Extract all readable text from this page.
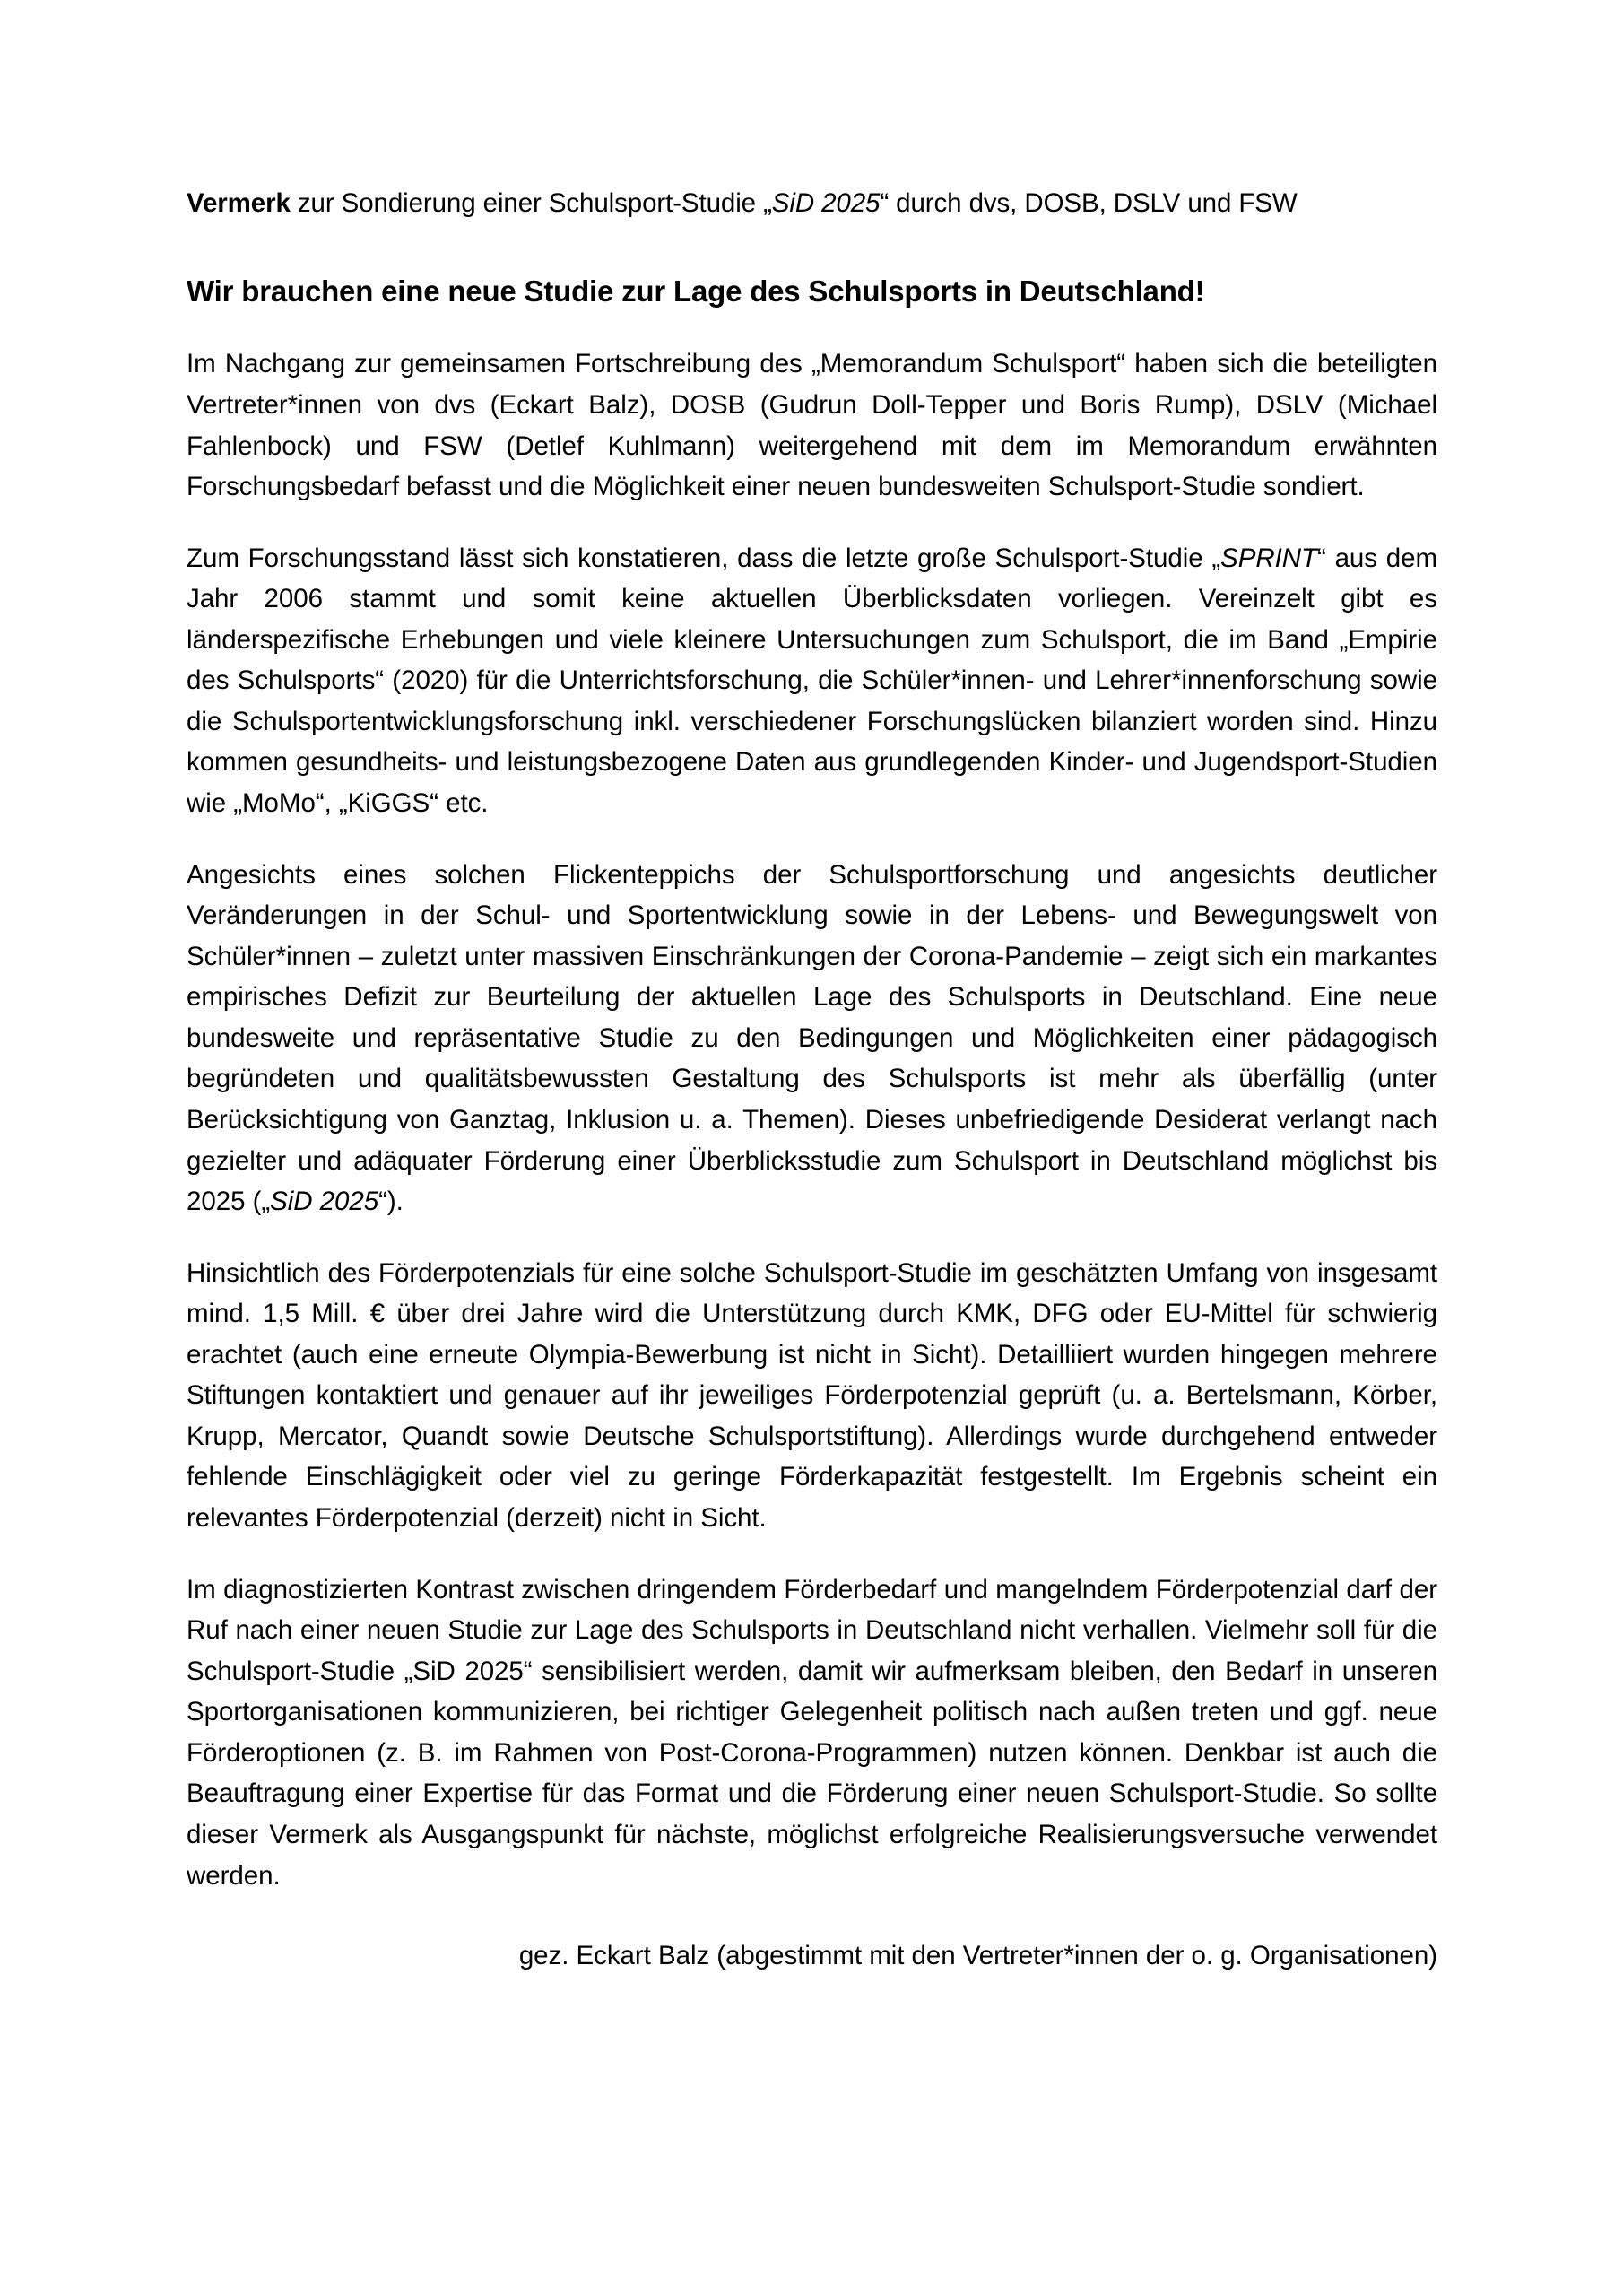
Vermerk zur Sondierung einer Schulsport-Studie „SiD 2025“ durch dvs, DOSB, DSLV und FSW
Wir brauchen eine neue Studie zur Lage des Schulsports in Deutschland!

Im Nachgang zur gemeinsamen Fortschreibung des „Memorandum Schulsport“ haben sich die beteiligten Vertreter*innen von dvs (Eckart Balz), DOSB (Gudrun Doll-Tepper und Boris Rump), DSLV (Michael Fahlenbock) und FSW (Detlef Kuhlmann) weitergehend mit dem im Memorandum erwähnten Forschungsbedarf befasst und die Möglichkeit einer neuen bundesweiten Schulsport-Studie sondiert.

Zum Forschungsstand lässt sich konstatieren, dass die letzte große Schulsport-Studie „SPRINT“ aus dem Jahr 2006 stammt und somit keine aktuellen Überblicksdaten vorliegen. Vereinzelt gibt es länderspezifische Erhebungen und viele kleinere Untersuchungen zum Schulsport, die im Band „Empirie des Schulsports“ (2020) für die Unterrichtsforschung, die Schüler*innen- und Lehrer*innenforschung sowie die Schulsportentwicklungsforschung inkl. verschiedener Forschungslücken bilanziert worden sind. Hinzu kommen gesundheits- und leistungsbezogene Daten aus grundlegenden Kinder- und Jugendsport-Studien wie „MoMo“, „KiGGS“ etc.

Angesichts eines solchen Flickenteppichs der Schulsportforschung und angesichts deutlicher Veränderungen in der Schul- und Sportentwicklung sowie in der Lebens- und Bewegungswelt von Schüler*innen – zuletzt unter massiven Einschränkungen der Corona-Pandemie – zeigt sich ein markantes empirisches Defizit zur Beurteilung der aktuellen Lage des Schulsports in Deutschland. Eine neue bundesweite und repräsentative Studie zu den Bedingungen und Möglichkeiten einer pädagogisch begründeten und qualitätsbewussten Gestaltung des Schulsports ist mehr als überfällig (unter Berücksichtigung von Ganztag, Inklusion u. a. Themen). Dieses unbefriedigende Desiderat verlangt nach gezielter und adäquater Förderung einer Überblicksstudie zum Schulsport in Deutschland möglichst bis 2025 („SiD 2025“).

Hinsichtlich des Förderpotenzials für eine solche Schulsport-Studie im geschätzten Umfang von insgesamt mind. 1,5 Mill. € über drei Jahre wird die Unterstützung durch KMK, DFG oder EU-Mittel für schwierig erachtet (auch eine erneute Olympia-Bewerbung ist nicht in Sicht). Detailliiert wurden hingegen mehrere Stiftungen kontaktiert und genauer auf ihr jeweiliges Förderpotenzial geprüft (u. a. Bertelsmann, Körber, Krupp, Mercator, Quandt sowie Deutsche Schulsportstiftung). Allerdings wurde durchgehend entweder fehlende Einschlägigkeit oder viel zu geringe Förderkapazität festgestellt. Im Ergebnis scheint ein relevantes Förderpotenzial (derzeit) nicht in Sicht.

Im diagnostizierten Kontrast zwischen dringendem Förderbedarf und mangelndem Förderpotenzial darf der Ruf nach einer neuen Studie zur Lage des Schulsports in Deutschland nicht verhallen. Vielmehr soll für die Schulsport-Studie „SiD 2025“ sensibilisiert werden, damit wir aufmerksam bleiben, den Bedarf in unseren Sportorganisationen kommunizieren, bei richtiger Gelegenheit politisch nach außen treten und ggf. neue Förderoptionen (z. B. im Rahmen von Post-Corona-Programmen) nutzen können. Denkbar ist auch die Beauftragung einer Expertise für das Format und die Förderung einer neuen Schulsport-Studie. So sollte dieser Vermerk als Ausgangspunkt für nächste, möglichst erfolgreiche Realisierungsversuche verwendet werden.

gez. Eckart Balz (abgestimmt mit den Vertreter*innen der o. g. Organisationen)
